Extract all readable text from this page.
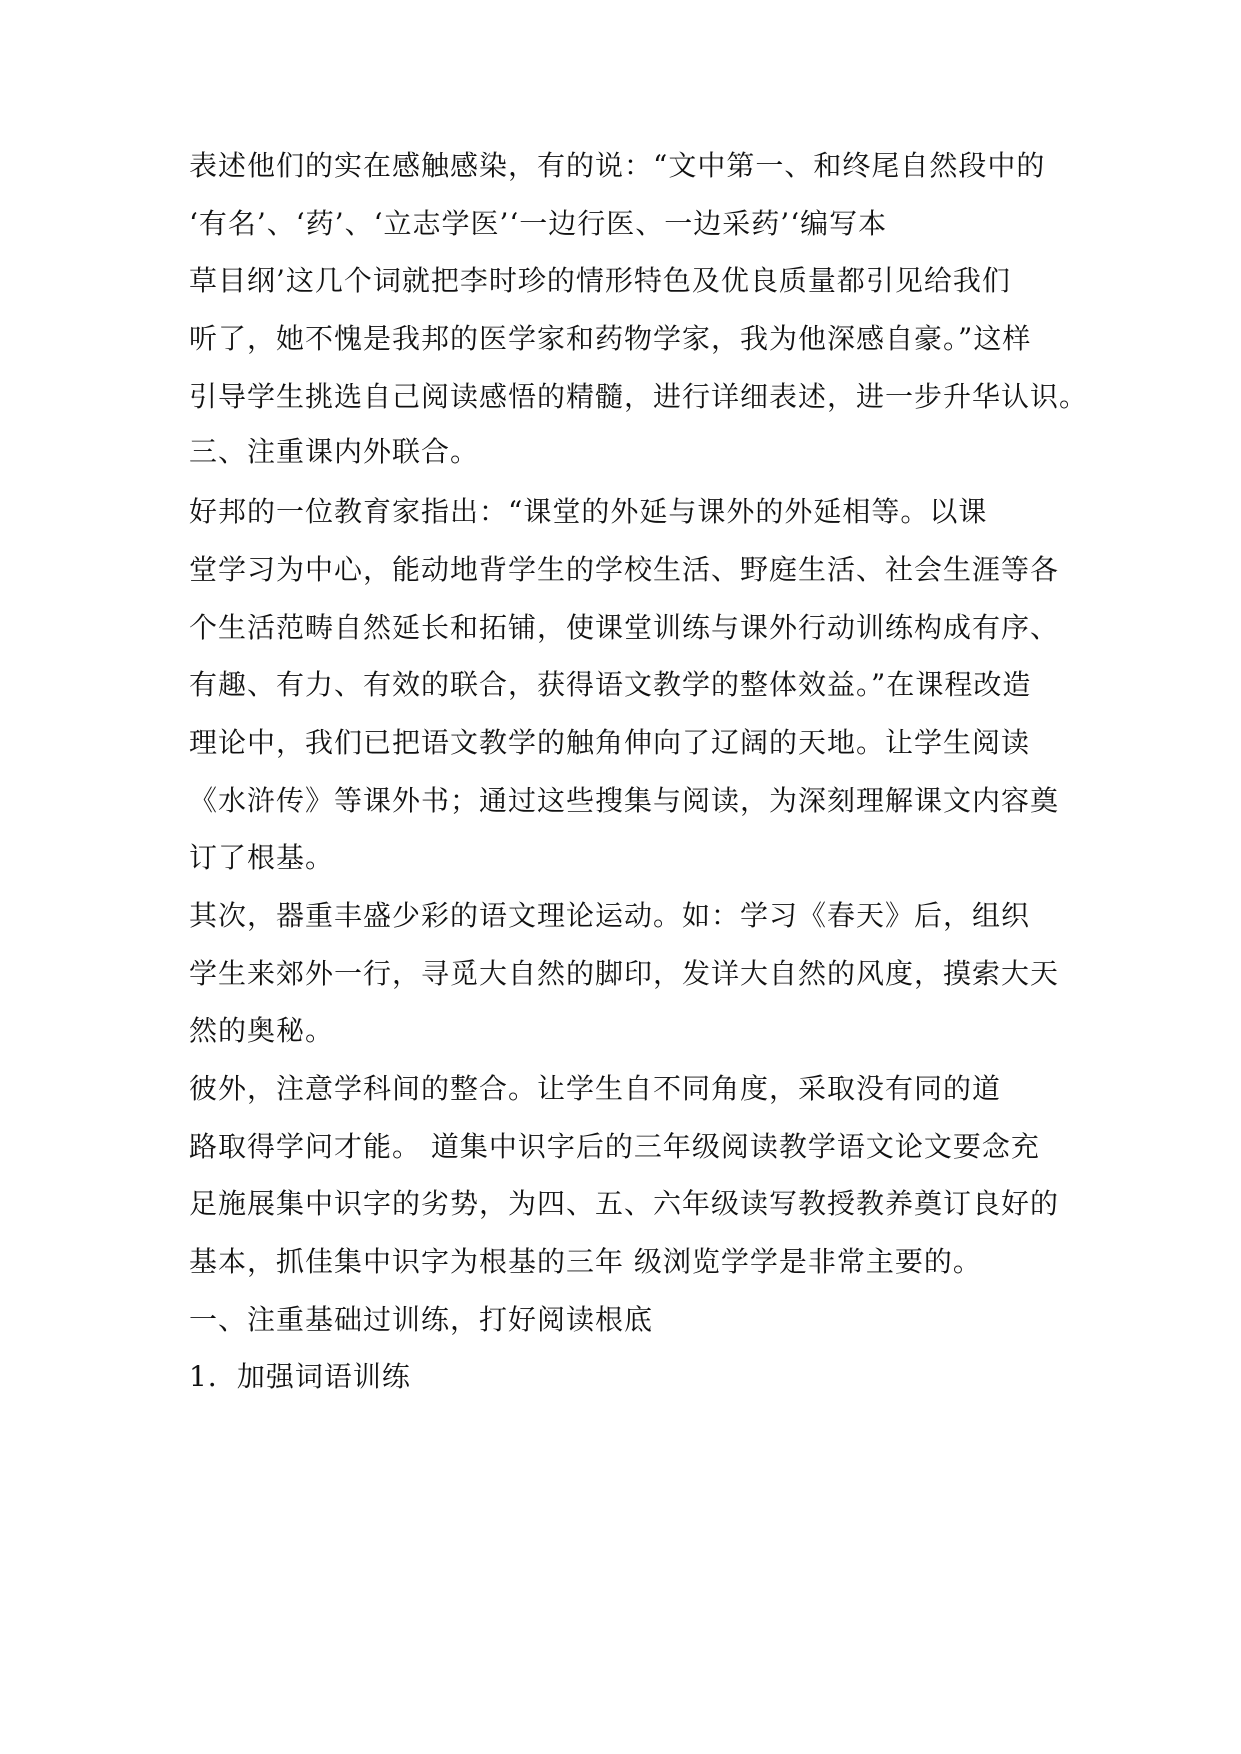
表述他们的实在感触感染，有的说：“文中第一、和终尾自然段中的
‘有名’、‘药’、‘立志学医’‘一边行医、一边采药’‘编写本
草目纲’这几个词就把李时珍的情形特色及优良质量都引见给我们
听了，她不愧是我邦的医学家和药物学家，我为他深感自豪。”这样
引导学生挑选自己阅读感悟的精髓，进行详细表述，进一步升华认识。
三、注重课内外联合。
好邦的一位教育家指出：“课堂的外延与课外的外延相等。以课
堂学习为中心，能动地背学生的学校生活、野庭生活、社会生涯等各
个生活范畴自然延长和拓铺，使课堂训练与课外行动训练构成有序、
有趣、有力、有效的联合，获得语文教学的整体效益。”在课程改造
理论中，我们已把语文教学的触角伸向了辽阔的天地。让学生阅读
《水浒传》等课外书；通过这些搜集与阅读，为深刻理解课文内容奠
订了根基。
其次，器重丰盛少彩的语文理论运动。如：学习《春天》后，组织
学生来郊外一行，寻觅大自然的脚印，发详大自然的风度，摸索大天
然的奥秘。
彼外，注意学科间的整合。让学生自不同角度，采取没有同的道
路取得学问才能。 道集中识字后的三年级阅读教学语文论文要念充
足施展集中识字的劣势，为四、五、六年级读写教授教养奠订良好的
基本，抓佳集中识字为根基的三年 级浏览学学是非常主要的。
一、注重基础过训练，打好阅读根底
1．加强词语训练
